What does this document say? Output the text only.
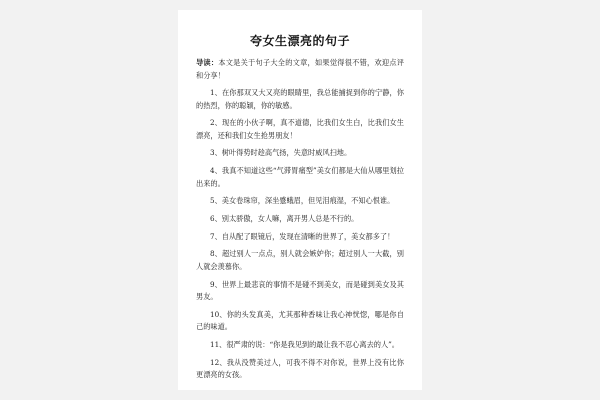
夸女生漂亮的句子
导读：本文是关于句子大全的文章，如果觉得很不错，欢迎点评和分享！
1、在你那双又大又亮的眼睛里，我总能捕捉到你的宁静，你的热烈，你的聪颖，你的敏感。
2、现在的小伙子啊，真不道德，比我们女生白，比我们女生漂亮，还和我们女生抢男朋友！
3、树叶得势时趁高气扬，失意时威风扫地。
4、我真不知道这些“气滞胃痛型”美女们都是大仙从哪里划拉出来的。
5、美女卷珠帘，深坐蹙蛾眉，但见泪痕湿，不知心恨谁。
6、别太骄傲，女人嘛，离开男人总是不行的。
7、自从配了眼镜后，发现在清晰的世界了，美女都多了！
8、超过别人一点点，别人就会嫉妒你；超过别人一大截，别人就会羡慕你。
9、世界上最悲哀的事情不是碰不到美女，而是碰到美女及其男友。
10、你的头发真美，尤其那种香味让我心神恍惚，哪是你自己的味道。
11、很严肃的说：“你是我见到的最让我不忍心离去的人”。
12、我从没赞美过人，可我不得不对你说，世界上没有比你更漂亮的女孩。
